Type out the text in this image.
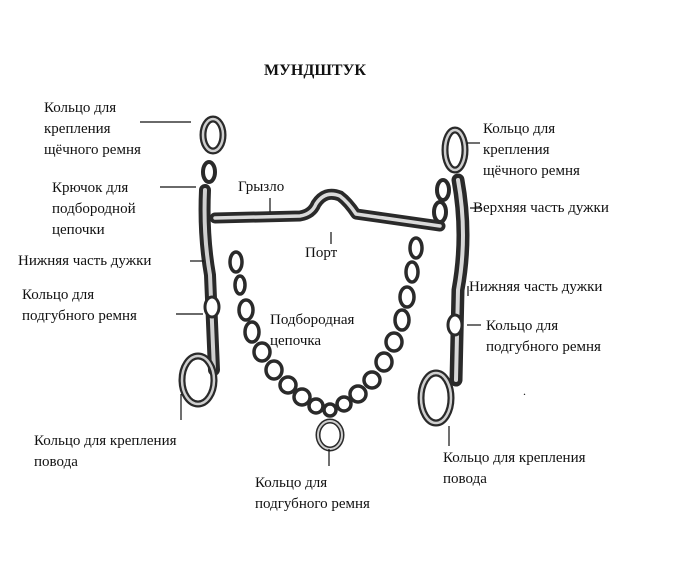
МУНДШТУК
Кольцо для
крепления
щёчного ремня
Кольцо для
крепления
щёчного ремня
Крючок для
подбородной
цепочки
Грызло
Порт
Верхняя часть дужки
Нижняя часть дужки
Нижняя часть дужки
Кольцо для
подгубного ремня
Кольцо для
подгубного ремня
Подбородная
цепочка
Кольцо для крепления
повода	Кольцо для крепления
повода
Кольцо для
подгубного ремня
.
